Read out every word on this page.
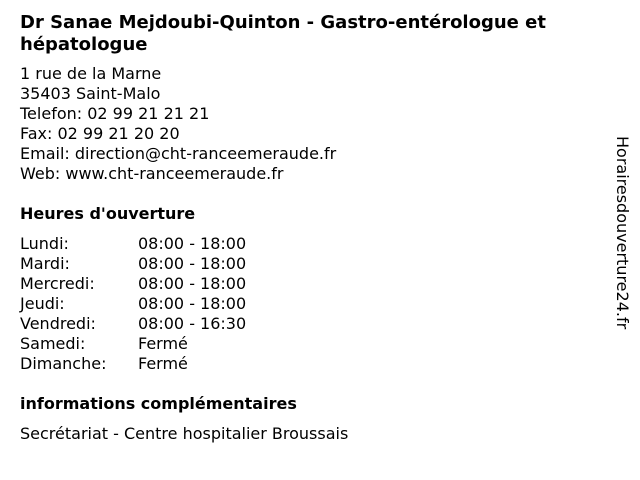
Dr Sanae Mejdoubi-Quinton - Gastro-entérologue et hépatologue
1 rue de la Marne
35403 Saint-Malo
Telefon: 02 99 21 21 21
Fax: 02 99 21 20 20
Email: direction@cht-ranceemeraude.fr
Web: www.cht-ranceemeraude.fr
Heures d'ouverture
Lundi:	08:00 - 18:00
Mardi:	08:00 - 18:00
Mercredi:	08:00 - 18:00
Jeudi:	08:00 - 18:00
Vendredi:	08:00 - 16:30
Samedi:	Fermé
Dimanche:	Fermé
informations complémentaires
Secrétariat - Centre hospitalier Broussais
Horairesdouverture24.fr
